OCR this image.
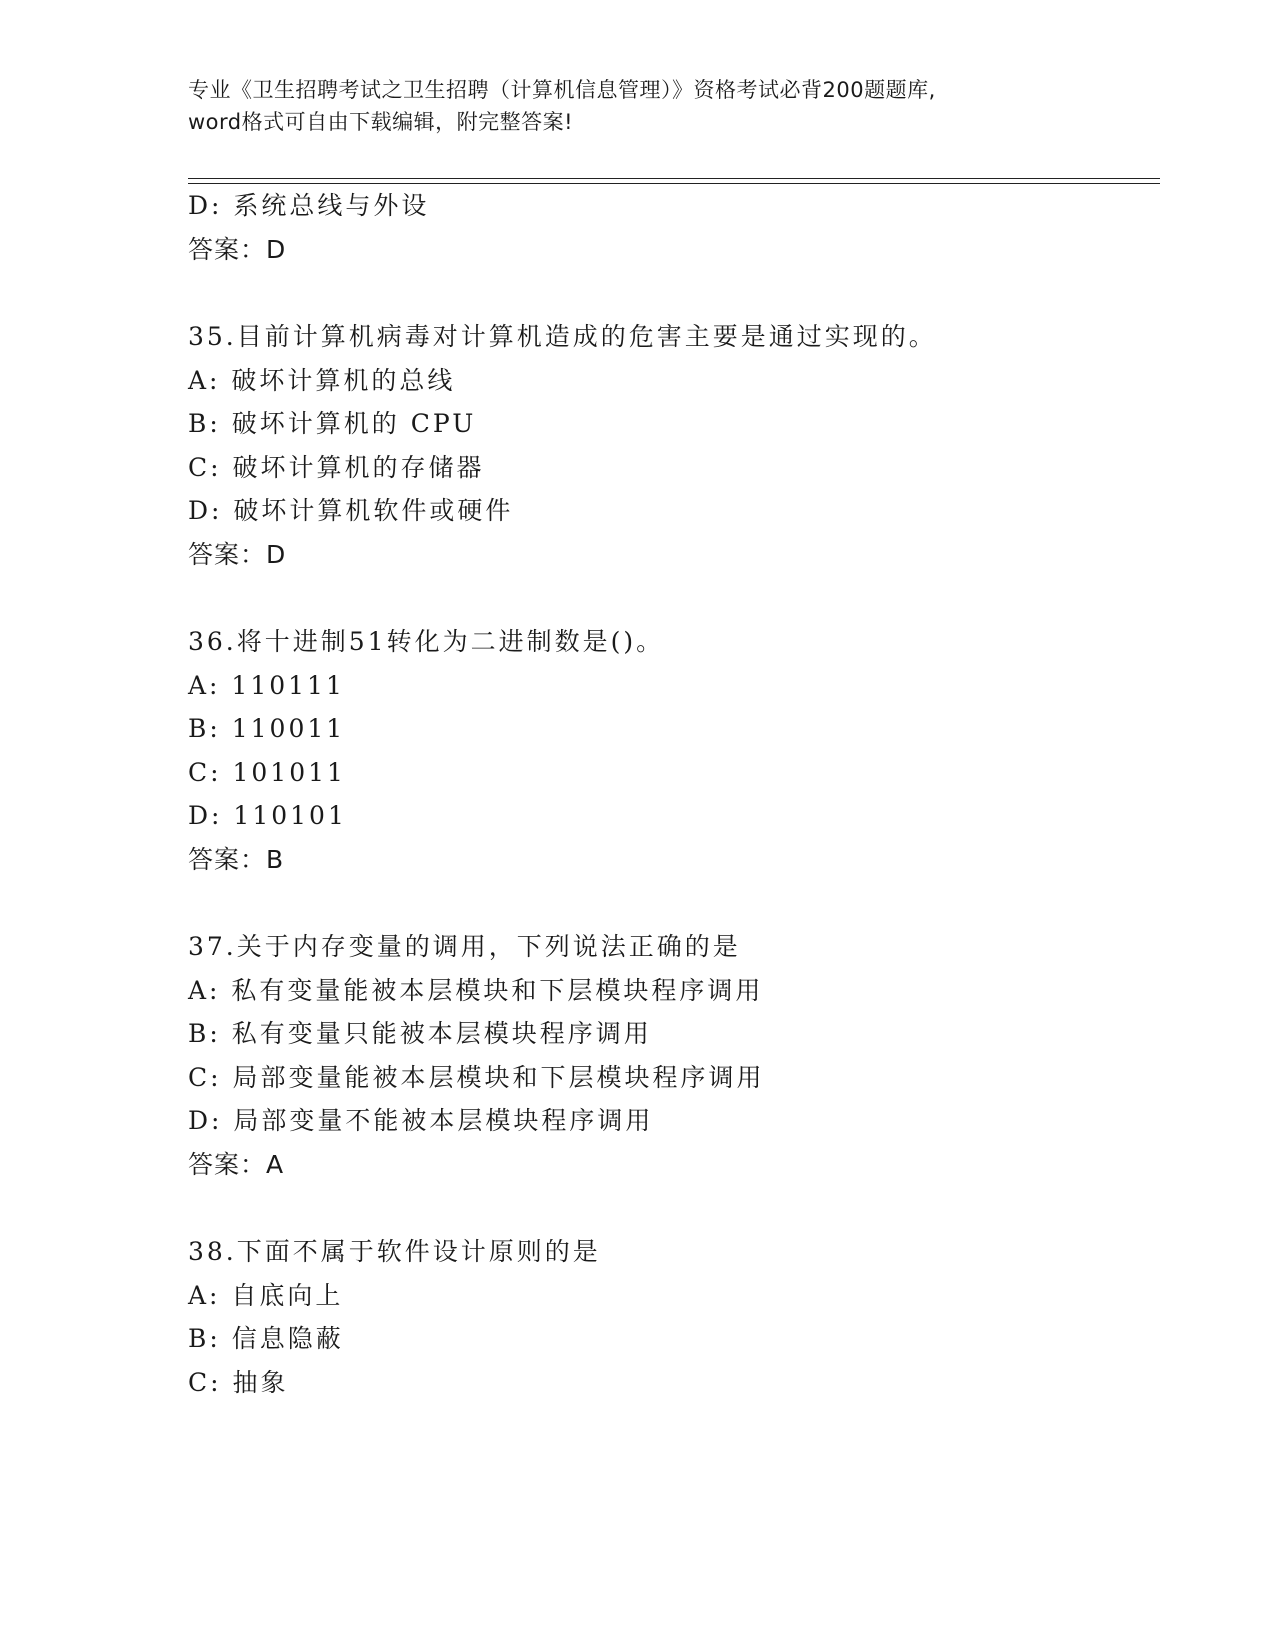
专业《卫生招聘考试之卫生招聘（计算机信息管理）》资格考试必背200题题库,
word格式可自由下载编辑，附完整答案!
D: 系统总线与外设
答案：D
35.目前计算机病毒对计算机造成的危害主要是通过实现的。
A: 破坏计算机的总线
B: 破坏计算机的 CPU
C: 破坏计算机的存储器
D: 破坏计算机软件或硬件
答案：D
36.将十进制51转化为二进制数是()。
A: 110111
B: 110011
C: 101011
D: 110101
答案：B
37.关于内存变量的调用，下列说法正确的是
A: 私有变量能被本层模块和下层模块程序调用
B: 私有变量只能被本层模块程序调用
C: 局部变量能被本层模块和下层模块程序调用
D: 局部变量不能被本层模块程序调用
答案：A
38.下面不属于软件设计原则的是
A: 自底向上
B: 信息隐蔽
C: 抽象
